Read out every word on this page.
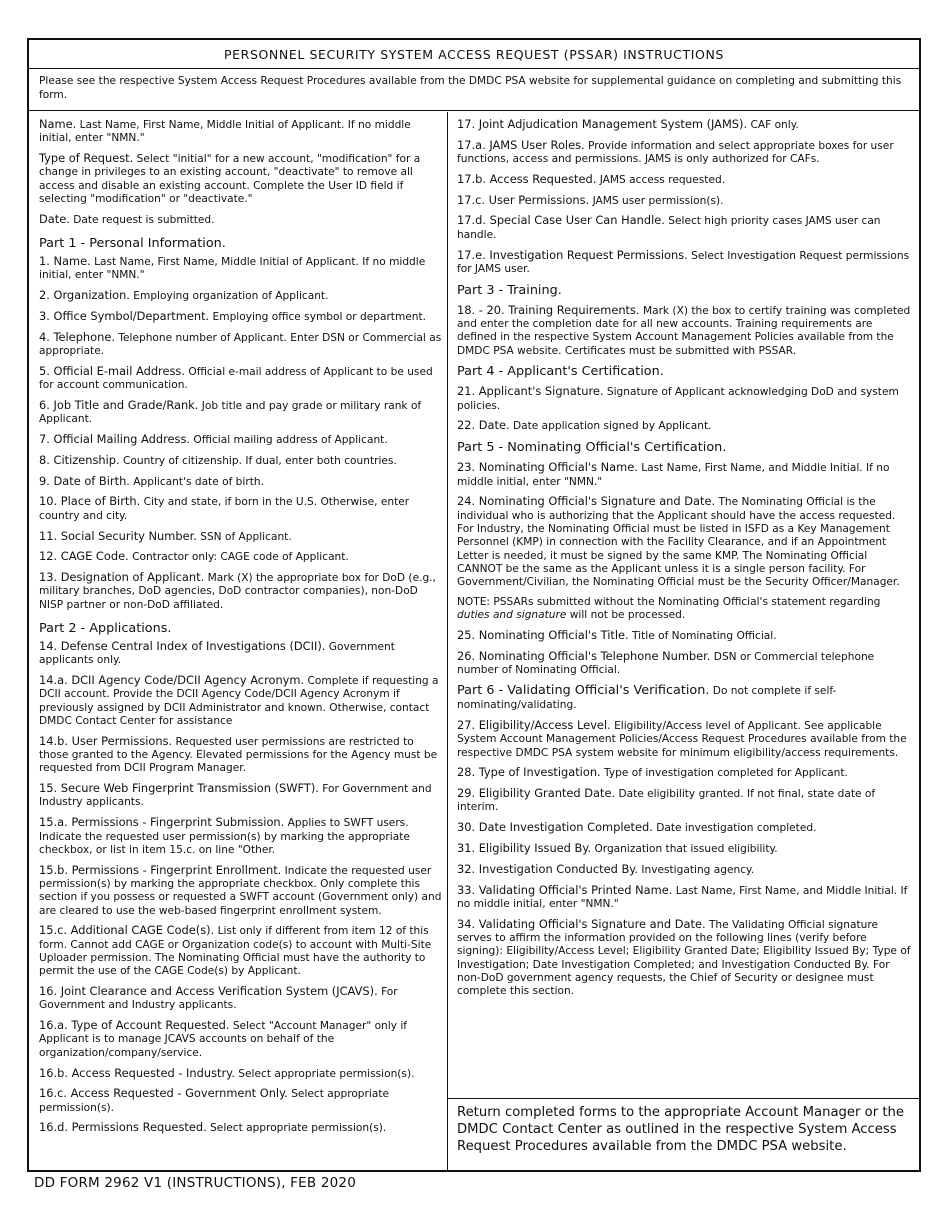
PERSONNEL SECURITY SYSTEM ACCESS REQUEST (PSSAR) INSTRUCTIONS
Please see the respective System Access Request Procedures available from the DMDC PSA website for supplemental guidance on completing and submitting this form.

Name. Last Name, First Name, Middle Initial of Applicant. If no middle initial, enter "NMN."

Type of Request. Select "initial" for a new account, "modification" for a change in privileges to an existing account, "deactivate" to remove all access and disable an existing account. Complete the User ID field if selecting "modification" or "deactivate."

Date. Date request is submitted.

Part 1 - Personal Information.

1. Name. Last Name, First Name, Middle Initial of Applicant. If no middle initial, enter "NMN."

2. Organization. Employing organization of Applicant.

3. Office Symbol/Department. Employing office symbol or department.

4. Telephone. Telephone number of Applicant. Enter DSN or Commercial as appropriate.

5. Official E-mail Address. Official e-mail address of Applicant to be used for account communication.

6. Job Title and Grade/Rank. Job title and pay grade or military rank of Applicant.

7. Official Mailing Address. Official mailing address of Applicant.

8. Citizenship. Country of citizenship. If dual, enter both countries.

9. Date of Birth. Applicant's date of birth.

10. Place of Birth. City and state, if born in the U.S. Otherwise, enter country and city.

11. Social Security Number. SSN of Applicant.

12. CAGE Code. Contractor only: CAGE code of Applicant.

13. Designation of Applicant. Mark (X) the appropriate box for DoD (e.g., military branches, DoD agencies, DoD contractor companies), non-DoD NISP partner or non-DoD affiliated.

Part 2 - Applications.

14. Defense Central Index of Investigations (DCII). Government applicants only.

14.a. DCII Agency Code/DCII Agency Acronym. Complete if requesting a DCII account. Provide the DCII Agency Code/DCII Agency Acronym if previously assigned by DCII Administrator and known. Otherwise, contact DMDC Contact Center for assistance

14.b. User Permissions. Requested user permissions are restricted to those granted to the Agency. Elevated permissions for the Agency must be requested from DCII Program Manager.

15. Secure Web Fingerprint Transmission (SWFT). For Government and Industry applicants.

15.a. Permissions - Fingerprint Submission. Applies to SWFT users. Indicate the requested user permission(s) by marking the appropriate checkbox, or list in item 15.c. on line "Other.

15.b. Permissions - Fingerprint Enrollment. Indicate the requested user permission(s) by marking the appropriate checkbox. Only complete this section if you possess or requested a SWFT account (Government only) and are cleared to use the web-based fingerprint enrollment system.

15.c. Additional CAGE Code(s). List only if different from item 12 of this form. Cannot add CAGE or Organization code(s) to account with Multi-Site Uploader permission. The Nominating Official must have the authority to permit the use of the CAGE Code(s) by Applicant.

16. Joint Clearance and Access Verification System (JCAVS). For Government and Industry applicants.

16.a. Type of Account Requested. Select "Account Manager" only if Applicant is to manage JCAVS accounts on behalf of the organization/company/service.

16.b. Access Requested - Industry. Select appropriate permission(s).

16.c. Access Requested - Government Only. Select appropriate permission(s).

16.d. Permissions Requested. Select appropriate permission(s).

17. Joint Adjudication Management System (JAMS). CAF only.

17.a. JAMS User Roles. Provide information and select appropriate boxes for user functions, access and permissions. JAMS is only authorized for CAFs.

17.b. Access Requested. JAMS access requested.

17.c. User Permissions. JAMS user permission(s).

17.d. Special Case User Can Handle. Select high priority cases JAMS user can handle.

17.e. Investigation Request Permissions. Select Investigation Request permissions for JAMS user.

Part 3 - Training.

18. - 20. Training Requirements. Mark (X) the box to certify training was completed and enter the completion date for all new accounts. Training requirements are defined in the respective System Account Management Policies available from the DMDC PSA website. Certificates must be submitted with PSSAR.

Part 4 - Applicant's Certification.

21. Applicant's Signature. Signature of Applicant acknowledging DoD and system policies.

22. Date. Date application signed by Applicant.

Part 5 - Nominating Official's Certification.

23. Nominating Official's Name. Last Name, First Name, and Middle Initial. If no middle initial, enter "NMN."

24. Nominating Official's Signature and Date. The Nominating Official is the individual who is authorizing that the Applicant should have the access requested. For Industry, the Nominating Official must be listed in ISFD as a Key Management Personnel (KMP) in connection with the Facility Clearance, and if an Appointment Letter is needed, it must be signed by the same KMP. The Nominating Official CANNOT be the same as the Applicant unless it is a single person facility. For Government/Civilian, the Nominating Official must be the Security Officer/Manager.

NOTE: PSSARs submitted without the Nominating Official's statement regarding duties and signature will not be processed.

25. Nominating Official's Title. Title of Nominating Official.

26. Nominating Official's Telephone Number. DSN or Commercial telephone number of Nominating Official.

Part 6 - Validating Official's Verification. Do not complete if self-nominating/validating.

27. Eligibility/Access Level. Eligibility/Access level of Applicant. See applicable System Account Management Policies/Access Request Procedures available from the respective DMDC PSA system website for minimum eligibility/access requirements.

28. Type of Investigation. Type of investigation completed for Applicant.

29. Eligibility Granted Date. Date eligibility granted. If not final, state date of interim.

30. Date Investigation Completed. Date investigation completed.

31. Eligibility Issued By. Organization that issued eligibility.

32. Investigation Conducted By. Investigating agency.

33. Validating Official's Printed Name. Last Name, First Name, and Middle Initial. If no middle initial, enter "NMN."

34. Validating Official's Signature and Date. The Validating Official signature serves to affirm the information provided on the following lines (verify before signing): Eligibility/Access Level; Eligibility Granted Date; Eligibility Issued By; Type of Investigation; Date Investigation Completed; and Investigation Conducted By. For non-DoD government agency requests, the Chief of Security or designee must complete this section.

Return completed forms to the appropriate Account Manager or the DMDC Contact Center as outlined in the respective System Access Request Procedures available from the DMDC PSA website.
DD FORM 2962 V1 (INSTRUCTIONS), FEB 2020
